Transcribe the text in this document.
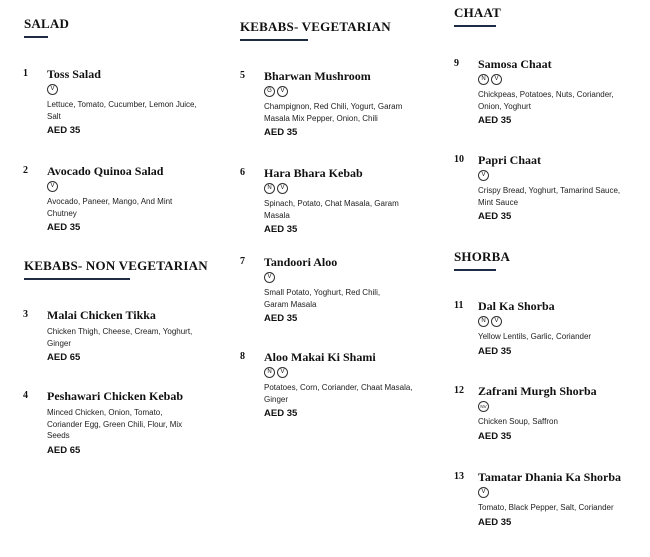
SALAD	KEBABS- VEGETARIAN
CHAAT
KEBABS- NON VEGETARIAN
SHORBA
1 Toss Salad
V
Lettuce, Tomato, Cucumber, Lemon Juice, Salt
AED 35
2 Avocado Quinoa Salad
V
Avocado, Paneer, Mango, And Mint Chutney
AED 35
3 Malai Chicken Tikka
Chicken Thigh, Cheese, Cream, Yoghurt, Ginger
AED 65
4 Peshawari Chicken Kebab
Minced Chicken, Onion, Tomato, Coriander Egg, Green Chili, Flour, Mix Seeds
AED 65
5 Bharwan Mushroom
G	V
Champignon, Red Chili, Yogurt, Garam Masala Mix Pepper, Onion, Chili
AED 35
6 Hara Bhara Kebab
N	V
Spinach, Potato, Chat Masala, Garam Masala
AED 35
7 Tandoori Aloo
V
Small Potato, Yoghurt, Red Chili, Garam Masala
AED 35
8 Aloo Makai Ki Shami
N	V
Potatoes, Corn, Coriander, Chaat Masala, Ginger
AED 35
9 Samosa Chaat
N	V
Chickpeas, Potatoes, Nuts, Coriander, Onion, Yoghurt
AED 35
10 Papri Chaat
V
Crispy Bread, Yoghurt, Tamarind Sauce, Mint Sauce
AED 35
11 Dal Ka Shorba
N	V
Yellow Lentils, Garlic, Coriander
AED 35
12 Zafrani Murgh Shorba
NV
Chicken Soup, Saffron
AED 35
13 Tamatar Dhania Ka Shorba
V
Tomato, Black Pepper, Salt, Coriander
AED 35
